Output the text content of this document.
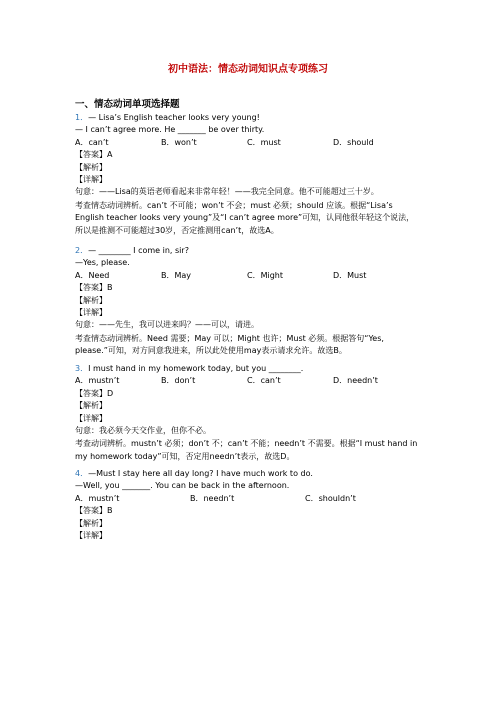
初中语法：情态动词知识点专项练习
一、情态动词单项选择题
1．— Lisa’s English teacher looks very young!
— I can’t agree more. He _______ be over thirty.
A．can’t	B．won’t	C．must	D．should
【答案】A
【解析】
【详解】
句意：——Lisa的英语老师看起来非常年轻！——我完全同意。他不可能超过三十岁。
考查情态动词辨析。can’t 不可能；won’t 不会；must 必须；should 应该。根据“Lisa’s English teacher looks very young”及“I can’t agree more”可知，认同他很年轻这个说法，所以是推测不可能超过30岁，否定推测用can’t，故选A。
2．— ________ I come in, sir?
—Yes, please.
A．Need	B．May	C．Might	D．Must
【答案】B
【解析】
【详解】
句意：——先生，我可以进来吗？——可以，请进。
考查情态动词辨析。Need 需要；May 可以；Might 也许；Must 必须。根据答句“Yes, please.”可知，对方同意我进来，所以此处使用may表示请求允许。故选B。
3．I must hand in my homework today, but you ________.
A．mustn’t	B．don’t	C．can’t	D．needn’t
【答案】D
【解析】
【详解】
句意：我必须今天交作业，但你不必。
考查动词辨析。mustn’t 必须；don’t 不；can’t 不能；needn’t 不需要。根据“I must hand in my homework today”可知，否定用needn’t表示，故选D。
4．—Must I stay here all day long? I have much work to do.
—Well, you _______. You can be back in the afternoon.
A．mustn’t	B．needn’t	C．shouldn’t
【答案】B
【解析】
【详解】
